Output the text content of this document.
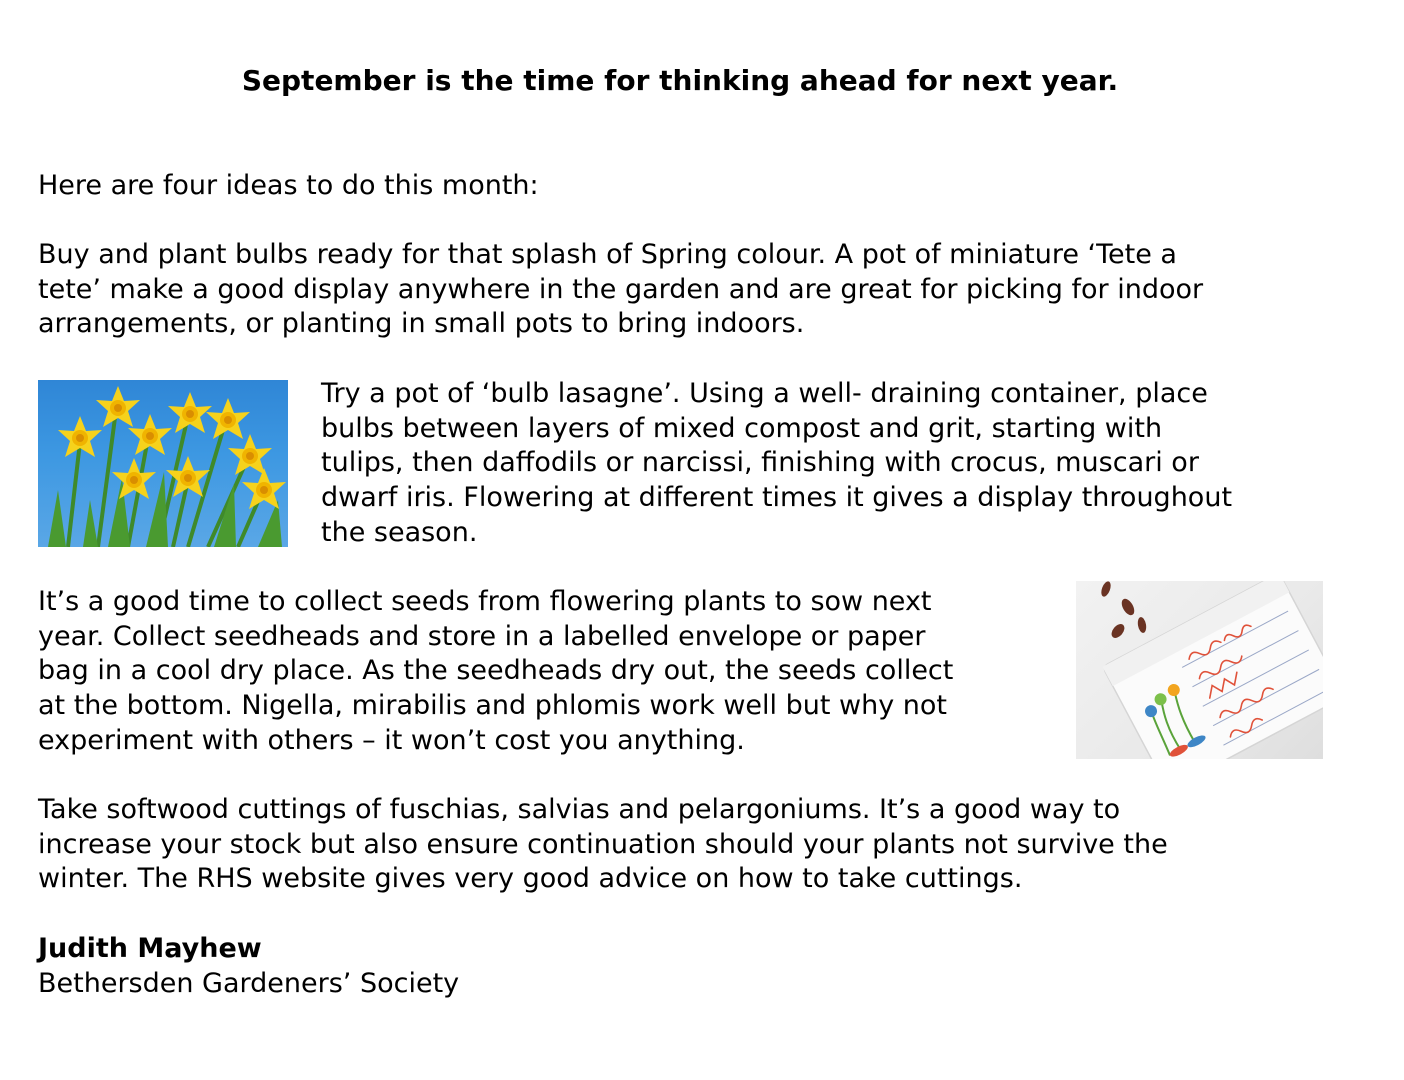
September is the time for thinking ahead for next year.

Here are four ideas to do this month:

Buy and plant bulbs ready for that splash of Spring colour. A pot of miniature ‘Tete a
tete’ make a good display anywhere in the garden and are great for picking for indoor
arrangements, or planting in small pots to bring indoors.

Try a pot of ‘bulb lasagne’. Using a well- draining container, place
bulbs between layers of mixed compost and grit, starting with
tulips, then daffodils or narcissi, finishing with crocus, muscari or
dwarf iris. Flowering at different times it gives a display throughout
the season.

It’s a good time to collect seeds from flowering plants to sow next
year. Collect seedheads and store in a labelled envelope or paper
bag in a cool dry place. As the seedheads dry out, the seeds collect
at the bottom. Nigella, mirabilis and phlomis work well but why not
experiment with others – it won’t cost you anything.

Take softwood cuttings of fuschias, salvias and pelargoniums. It’s a good way to
increase your stock but also ensure continuation should your plants not survive the
winter. The RHS website gives very good advice on how to take cuttings.

Judith Mayhew
Bethersden Gardeners’ Society
